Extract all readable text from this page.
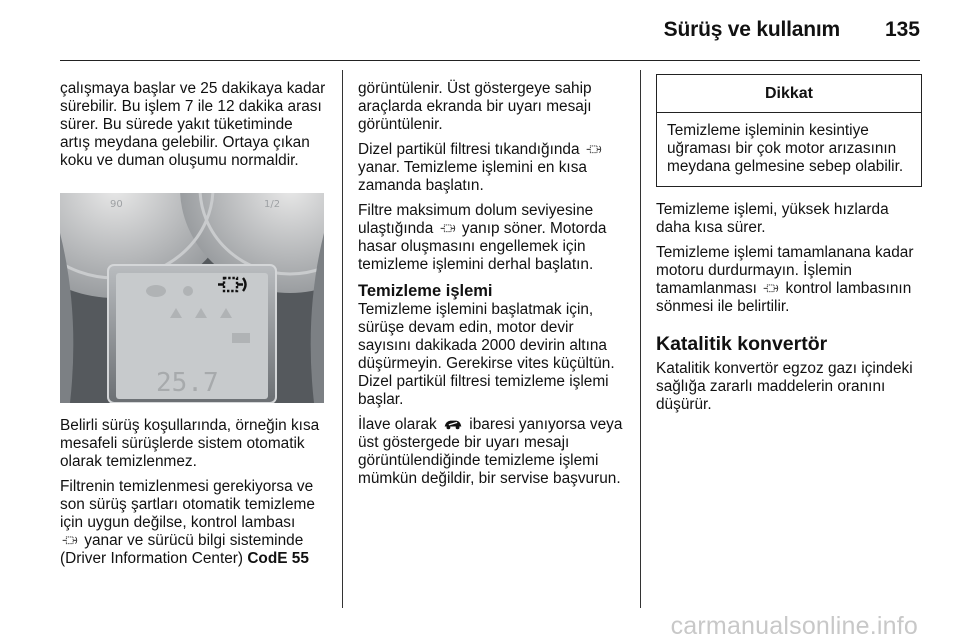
Sürüş ve kullanım 135

çalışmaya başlar ve 25 dakikaya kadar sürebilir. Bu işlem 7 ile 12 dakika arası sürer. Bu sürede yakıt tüketiminde artış meydana gelebilir. Ortaya çıkan koku ve duman oluşumu normaldir.

25.7
90	1/2

Belirli sürüş koşullarında, örneğin kısa mesafeli sürüşlerde sistem otomatik olarak temizlenmez.

Filtrenin temizlenmesi gerekiyorsa ve son sürüş şartları otomatik temizleme için uygun değilse, kontrol lambası
yanar ve sürücü bilgi sisteminde (Driver Information Center) CodE 55

görüntülenir. Üst göstergeye sahip araçlarda ekranda bir uyarı mesajı görüntülenir.

Dizel partikül filtresi tıkandığında  yanar. Temizleme işlemini en kısa zamanda başlatın.

Filtre maksimum dolum seviyesine ulaştığında yanıp söner. Motorda hasar oluşmasını engellemek için temizleme işlemini derhal başlatın.

Temizleme işlemi

Temizleme işlemini başlatmak için, sürüşe devam edin, motor devir sayısını dakikada 2000 devirin altına düşürmeyin. Gerekirse vites küçültün. Dizel partikül filtresi temizleme işlemi başlar.

İlave olarak ibaresi yanıyorsa veya üst göstergede bir uyarı mesajı görüntülendiğinde temizleme işlemi mümkün değildir, bir servise başvurun.

Dikkat
Temizleme işleminin kesintiye uğraması bir çok motor arızasının meydana gelmesine sebep olabilir.

Temizleme işlemi, yüksek hızlarda daha kısa sürer.

Temizleme işlemi tamamlanana kadar motoru durdurmayın. İşlemin tamamlanması kontrol lambasının sönmesi ile belirtilir.

Katalitik konvertör

Katalitik konvertör egzoz gazı içindeki sağlığa zararlı maddelerin oranını düşürür.

carmanualsonline.info
